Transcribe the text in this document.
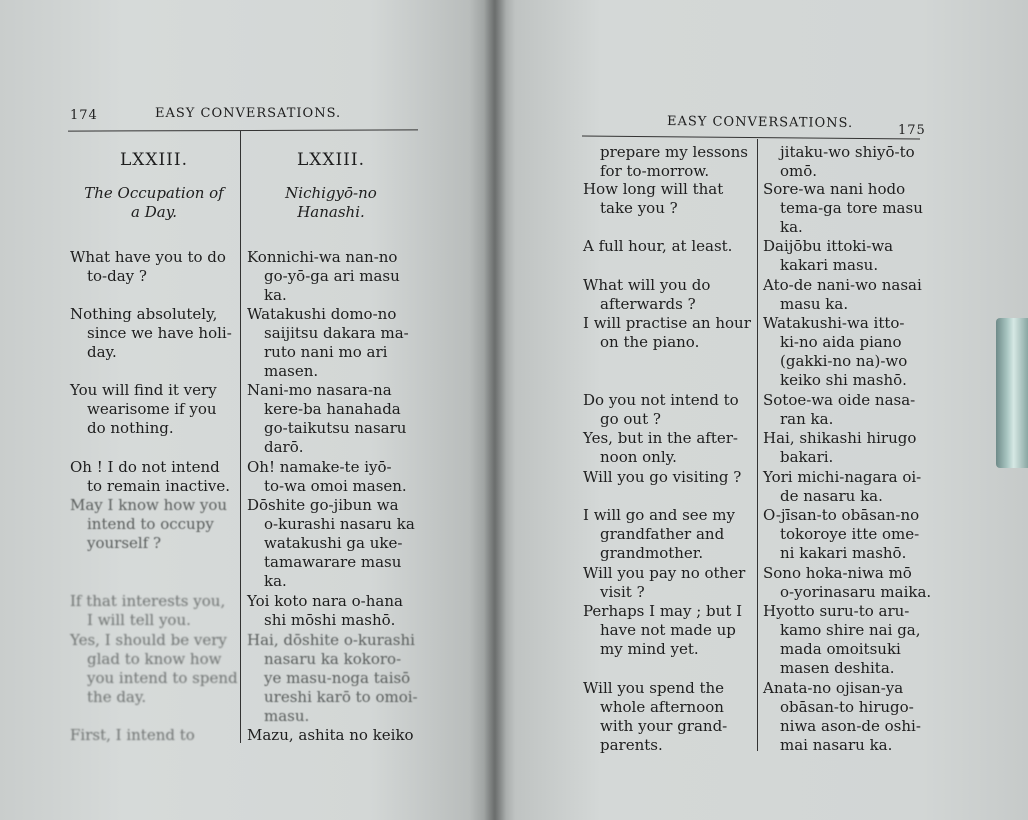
174	EASY CONVERSATIONS.
LXXIII.
The Occupation of
a Day.
LXXIII.
Nichigyō-no
Hanashi.
What have you to do
to-day ?
Nothing absolutely,
since we have holi-
day.
You will find it very
wearisome if you
do nothing.
Oh ! I do not intend
to remain inactive.
May I know how you
intend to occupy
yourself ?
If that interests you,
I will tell you.
Yes, I should be very
glad to know how
you intend to spend
the day.
First, I intend to
Konnichi-wa nan-no
go-yō-ga ari masu
ka.
Watakushi domo-no
saijitsu dakara ma-
ruto nani mo ari
masen.
Nani-mo nasara-na
kere-ba hanahada
go-taikutsu nasaru
darō.
Oh! namake-te iyō-
to-wa omoi masen.
Dōshite go-jibun wa
o-kurashi nasaru ka
watakushi ga uke-
tamawarare masu
ka.
Yoi koto nara o-hana
shi mōshi mashō.
Hai, dōshite o-kurashi
nasaru ka kokoro-
ye masu-noga taisō
ureshi karō to omoi-
masu.
Mazu, ashita no keiko
EASY CONVERSATIONS.	175
prepare my lessons
for to-morrow.
How long will that
take you ?
A full hour, at least.
What will you do
afterwards ?
I will practise an hour
on the piano.
Do you not intend to
go out ?
Yes, but in the after-
noon only.
Will you go visiting ?
I will go and see my
grandfather and
grandmother.
Will you pay no other
visit ?
Perhaps I may ; but I
have not made up
my mind yet.
Will you spend the
whole afternoon
with your grand-
parents.
jitaku-wo shiyō-to
omō.
Sore-wa nani hodo
tema-ga tore masu
ka.
Daijōbu ittoki-wa
kakari masu.
Ato-de nani-wo nasai
masu ka.
Watakushi-wa itto-
ki-no aida piano
(gakki-no na)-wo
keiko shi mashō.
Sotoe-wa oide nasa-
ran ka.
Hai, shikashi hirugo
bakari.
Yori michi-nagara oi-
de nasaru ka.
O-jīsan-to obāsan-no
tokoroye itte ome-
ni kakari mashō.
Sono hoka-niwa mō
o-yorinasaru maika.
Hyotto suru-to aru-
kamo shire nai ga,
mada omoitsuki
masen deshita.
Anata-no ojisan-ya
obāsan-to hirugo-
niwa ason-de oshi-
mai nasaru ka.
